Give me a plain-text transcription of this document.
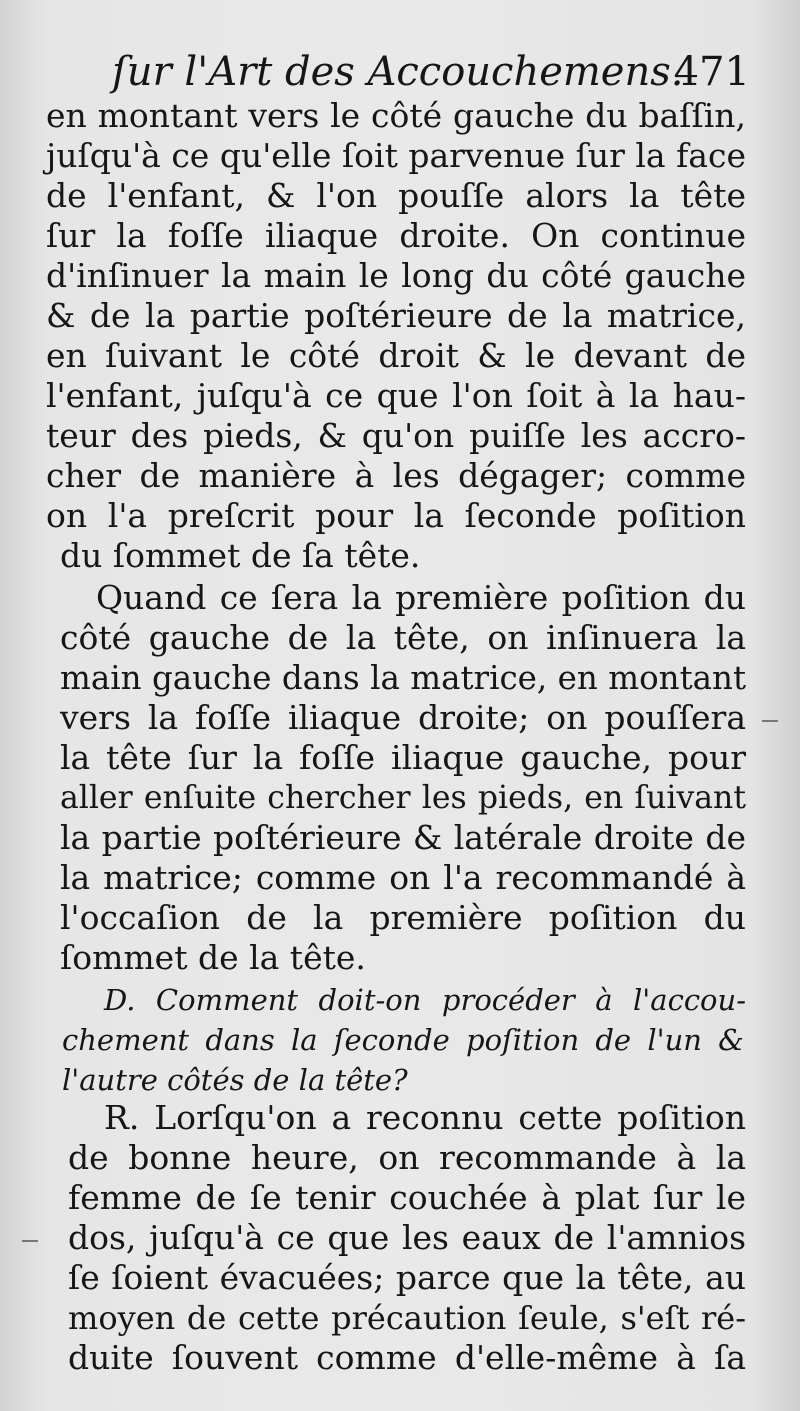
ſur l'Art des Accouchemens.
471
en montant vers le côté gauche du baſſin,
juſqu'à ce qu'elle ſoit parvenue ſur la face
de l'enfant, & l'on pouſſe alors la tête
ſur la foſſe iliaque droite. On continue
d'inſinuer la main le long du côté gauche
& de la partie poſtérieure de la matrice,
en ſuivant le côté droit & le devant de
l'enfant, juſqu'à ce que l'on ſoit à la hau-
teur des pieds, & qu'on puiſſe les accro-
cher de manière à les dégager; comme
on l'a preſcrit pour la ſeconde poſition
du ſommet de ſa tête.
Quand ce ſera la première poſition du
côté gauche de la tête, on inſinuera la
main gauche dans la matrice, en montant
vers la foſſe iliaque droite; on pouſſera
la tête ſur la foſſe iliaque gauche, pour
aller enſuite chercher les pieds, en ſuivant
la partie poſtérieure & latérale droite de
la matrice; comme on l'a recommandé à
l'occaſion de la première poſition du
ſommet de la tête.
D. Comment doit-on procéder à l'accou-
chement dans la ſeconde poſition de l'un &
l'autre côtés de la tête?
R. Lorſqu'on a reconnu cette poſition
de bonne heure, on recommande à la
femme de ſe tenir couchée à plat ſur le
dos, juſqu'à ce que les eaux de l'amnios
ſe ſoient évacuées; parce que la tête, au
moyen de cette précaution ſeule, s'eſt ré-
duite ſouvent comme d'elle-même à ſa
